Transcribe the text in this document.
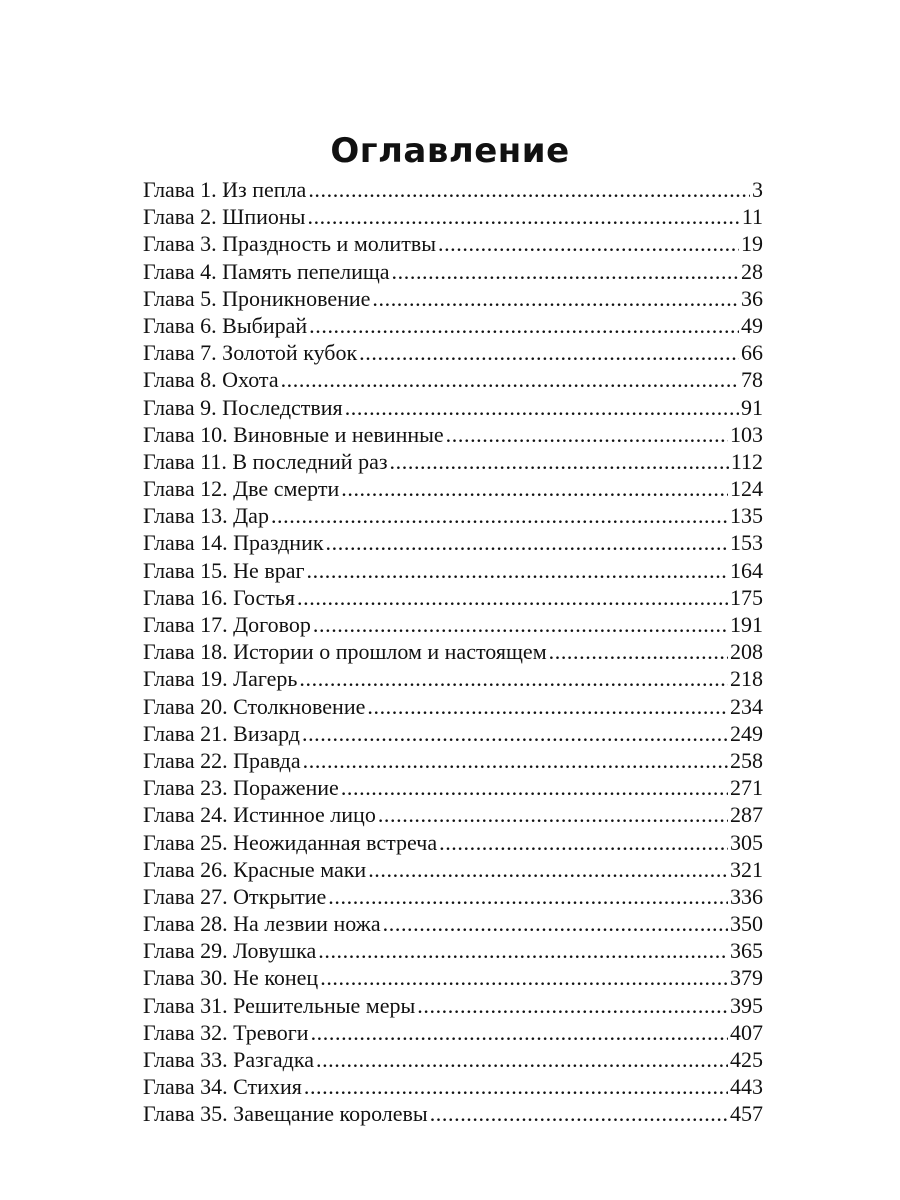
Оглавление
Глава 1. Из пепла .....	3
Глава 2. Шпионы .....	11
Глава 3. Праздность и молитвы .....	19
Глава 4. Память пепелища .....	28
Глава 5. Проникновение .....	36
Глава 6. Выбирай .....	49
Глава 7. Золотой кубок .....	66
Глава 8. Охота .....	78
Глава 9. Последствия .....	91
Глава 10. Виновные и невинные .....	103
Глава 11. В последний раз .....	112
Глава 12. Две смерти .....	124
Глава 13. Дар .....	135
Глава 14. Праздник .....	153
Глава 15. Не враг .....	164
Глава 16. Гостья .....	175
Глава 17. Договор .....	191
Глава 18. Истории о прошлом и настоящем .....	208
Глава 19. Лагерь .....	218
Глава 20. Столкновение .....	234
Глава 21. Визард .....	249
Глава 22. Правда .....	258
Глава 23. Поражение .....	271
Глава 24. Истинное лицо .....	287
Глава 25. Неожиданная встреча .....	305
Глава 26. Красные маки .....	321
Глава 27. Открытие .....	336
Глава 28. На лезвии ножа .....	350
Глава 29. Ловушка .....	365
Глава 30. Не конец .....	379
Глава 31. Решительные меры .....	395
Глава 32. Тревоги .....	407
Глава 33. Разгадка .....	425
Глава 34. Стихия .....	443
Глава 35. Завещание королевы .....	457
